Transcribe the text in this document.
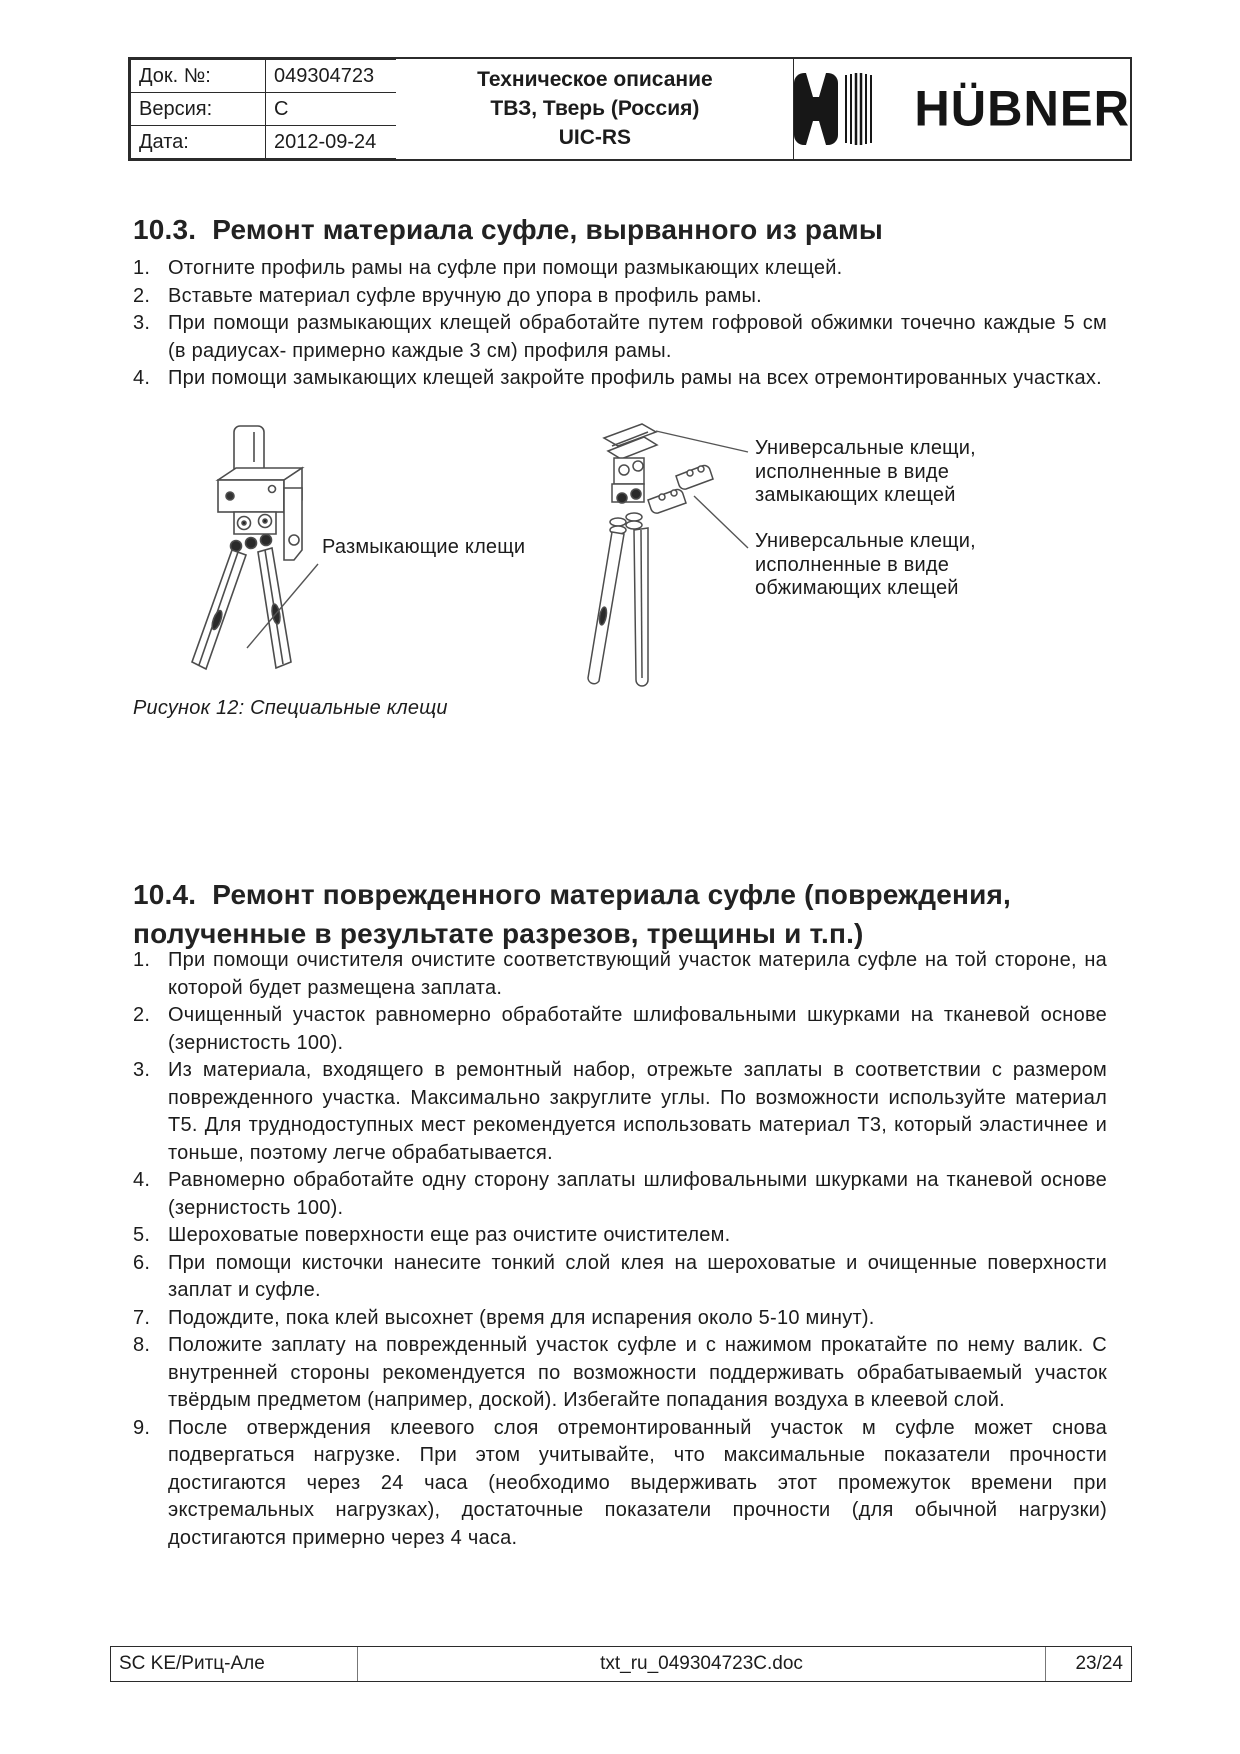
Док. №:	049304723
Версия:	C
Дата:	2012-09-24
Техническое описание
ТВЗ, Тверь (Россия)
UIC-RS
HÜBNER
10.3. Ремонт материала суфле, вырванного из рамы
1. Отогните профиль рамы на суфле при помощи размыкающих клещей.
2. Вставьте материал суфле вручную до упора в профиль рамы.
3. При помощи размыкающих клещей обработайте путем гофровой обжимки точечно каждые 5 см (в радиусах- примерно каждые 3 см) профиля рамы.
4. При помощи замыкающих клещей закройте профиль рамы на всех отремонтированных участках.
Размыкающие клещи
Универсальные клещи,
исполненные в виде
замыкающих клещей
Универсальные клещи,
исполненные в виде
обжимающих клещей
Рисунок 12: Специальные клещи
10.4. Ремонт поврежденного материала суфле (повреждения,
полученные в результате разрезов, трещины и т.п.)
1. При помощи очистителя очистите соответствующий участок материла суфле на той стороне, на которой будет размещена заплата.
2. Очищенный участок равномерно обработайте шлифовальными шкурками на тканевой основе (зернистость 100).
3. Из материала, входящего в ремонтный набор, отрежьте заплаты в соответствии с размером поврежденного участка. Максимально закруглите углы. По возможности используйте материал Т5. Для труднодоступных мест рекомендуется использовать материал Т3, который эластичнее и тоньше, поэтому легче обрабатывается.
4. Равномерно обработайте одну сторону заплаты шлифовальными шкурками на тканевой основе (зернистость 100).
5. Шероховатые поверхности еще раз очистите очистителем.
6. При помощи кисточки нанесите тонкий слой клея на шероховатые и очищенные поверхности заплат и суфле.
7. Подождите, пока клей высохнет (время для испарения около 5-10 минут).
8. Положите заплату на поврежденный участок суфле и с нажимом прокатайте по нему валик. С внутренней стороны рекомендуется по возможности поддерживать обрабатываемый участок твёрдым предметом (например, доской). Избегайте попадания воздуха в клеевой слой.
9. После отверждения клеевого слоя отремонтированный участок м суфле может снова подвергаться нагрузке. При этом учитывайте, что максимальные показатели прочности достигаются через 24 часа (необходимо выдерживать этот промежуток времени при экстремальных нагрузках), достаточные показатели прочности (для обычной нагрузки) достигаются примерно через 4 часа.
SC KE/Ритц-Але	txt_ru_049304723C.doc	23/24
